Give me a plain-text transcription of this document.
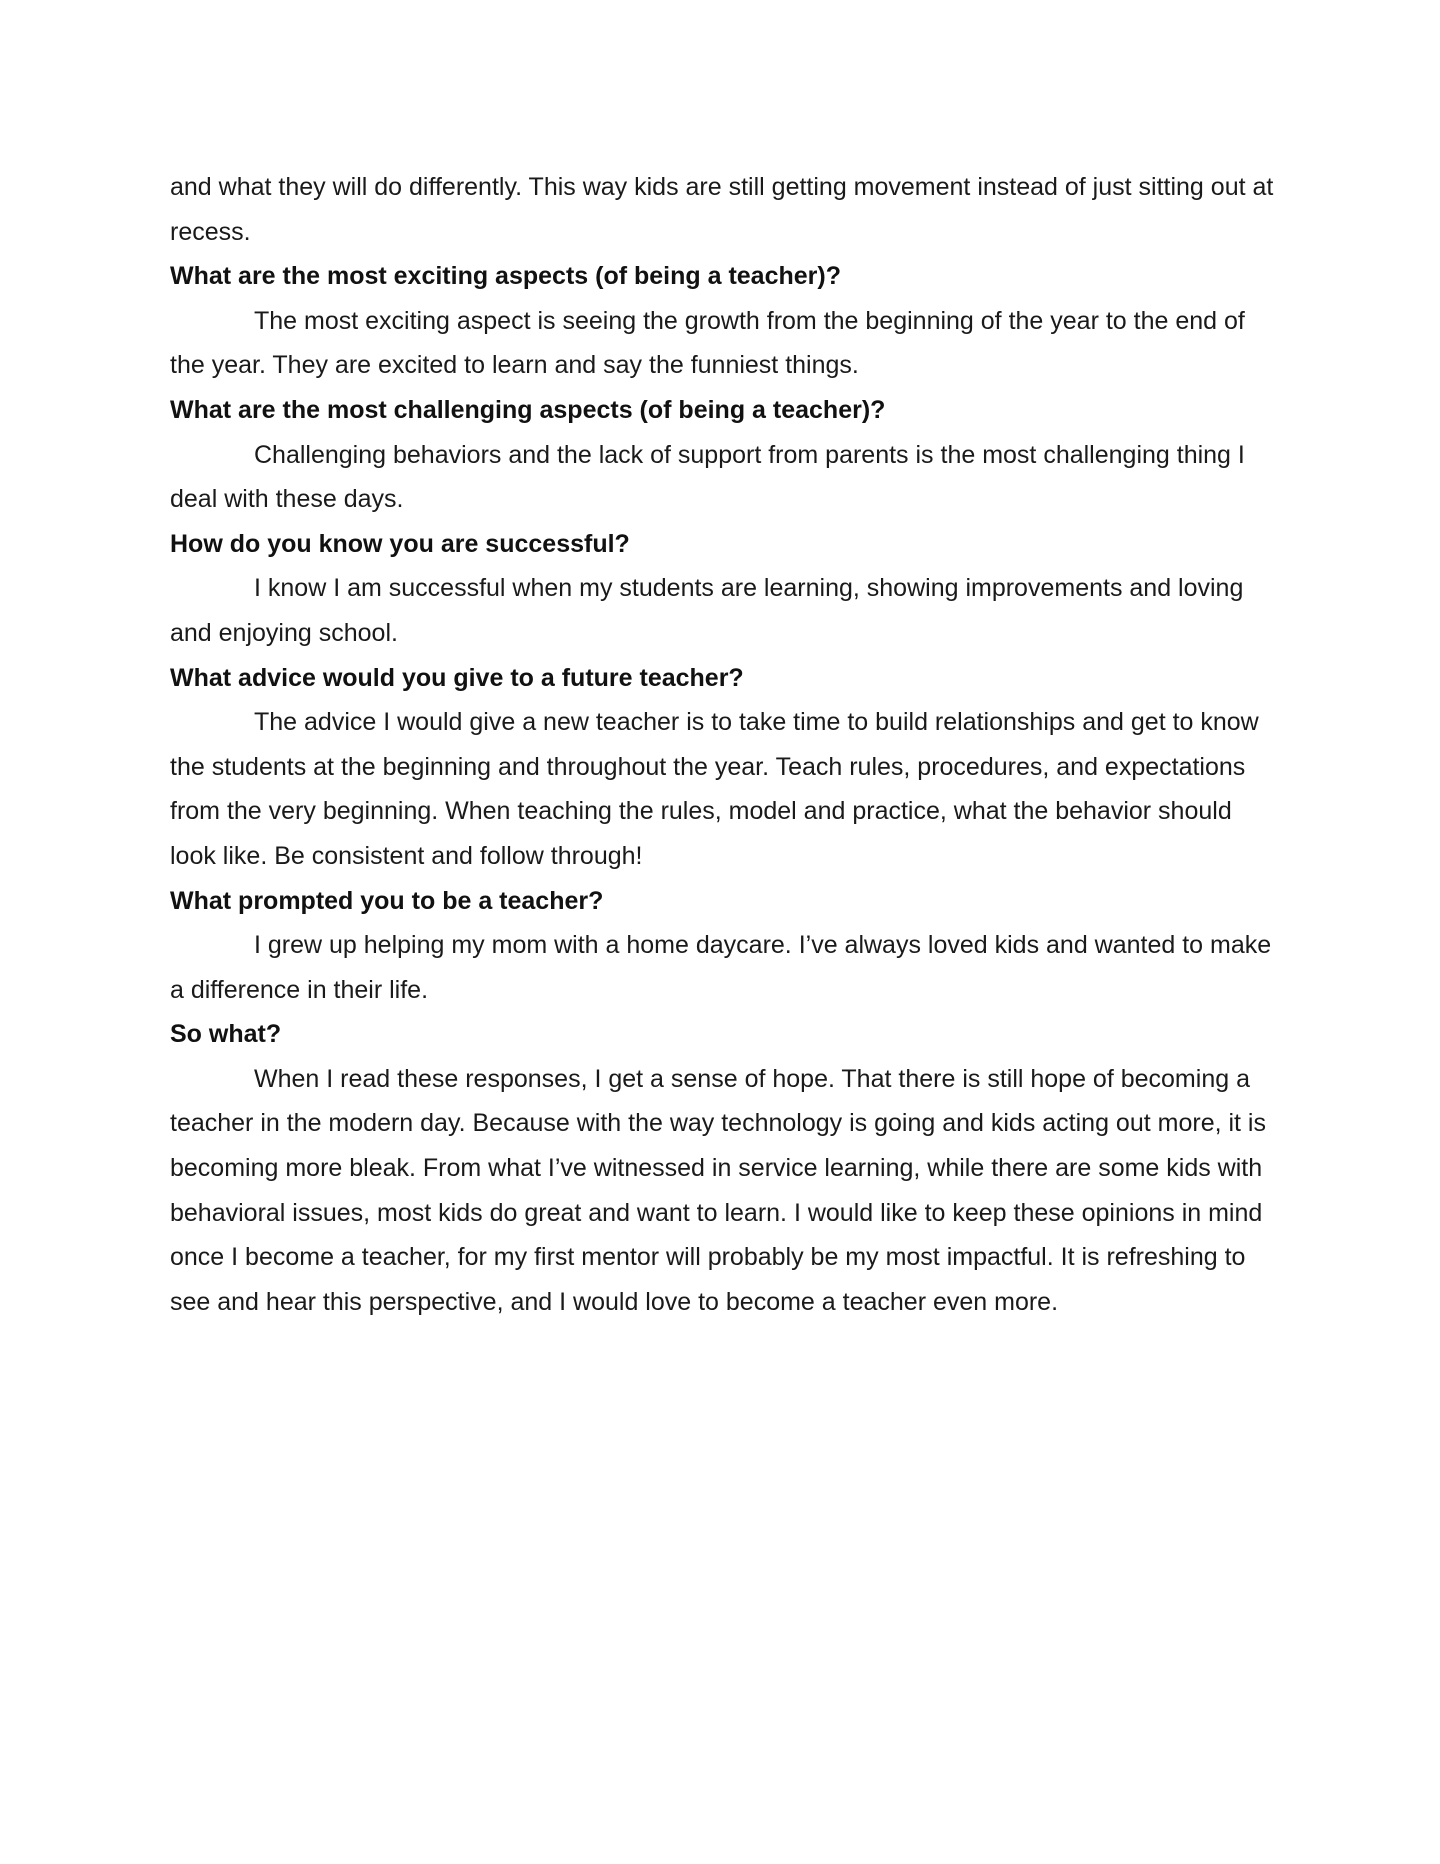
and what they will do differently. This way kids are still getting movement instead of just sitting out at recess.

What are the most exciting aspects (of being a teacher)?

The most exciting aspect is seeing the growth from the beginning of the year to the end of the year. They are excited to learn and say the funniest things.

What are the most challenging aspects (of being a teacher)?

Challenging behaviors and the lack of support from parents is the most challenging thing I deal with these days.

How do you know you are successful?

I know I am successful when my students are learning, showing improvements and loving and enjoying school.

What advice would you give to a future teacher?

The advice I would give a new teacher is to take time to build relationships and get to know the students at the beginning and throughout the year. Teach rules, procedures, and expectations from the very beginning. When teaching the rules, model and practice, what the behavior should look like. Be consistent and follow through!

What prompted you to be a teacher?

I grew up helping my mom with a home daycare. I’ve always loved kids and wanted to make a difference in their life.

So what?

When I read these responses, I get a sense of hope. That there is still hope of becoming a teacher in the modern day. Because with the way technology is going and kids acting out more, it is becoming more bleak. From what I’ve witnessed in service learning, while there are some kids with behavioral issues, most kids do great and want to learn. I would like to keep these opinions in mind once I become a teacher, for my first mentor will probably be my most impactful. It is refreshing to see and hear this perspective, and I would love to become a teacher even more.
